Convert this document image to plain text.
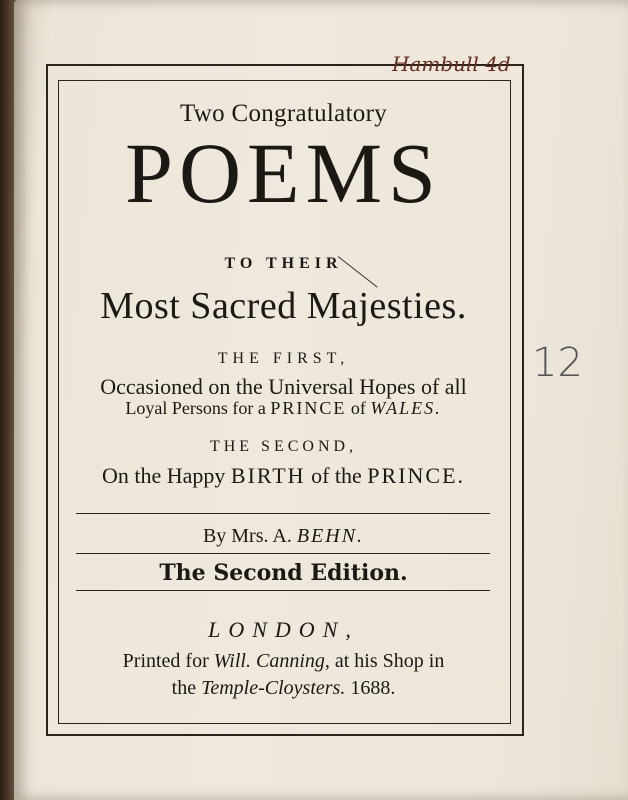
Hambull 4d
12
Two Congratulatory
POEMS
TO THEIR
Most Sacred Majesties.
THE FIRST,
Occasioned on the Universal Hopes of all
Loyal Persons for a PRINCE of WALES.
THE SECOND,
On the Happy BIRTH of the PRINCE.
By Mrs. A. BEHN.
The Second Edition.
LONDON,
Printed for Will. Canning, at his Shop in
the Temple-Cloysters. 1688.
